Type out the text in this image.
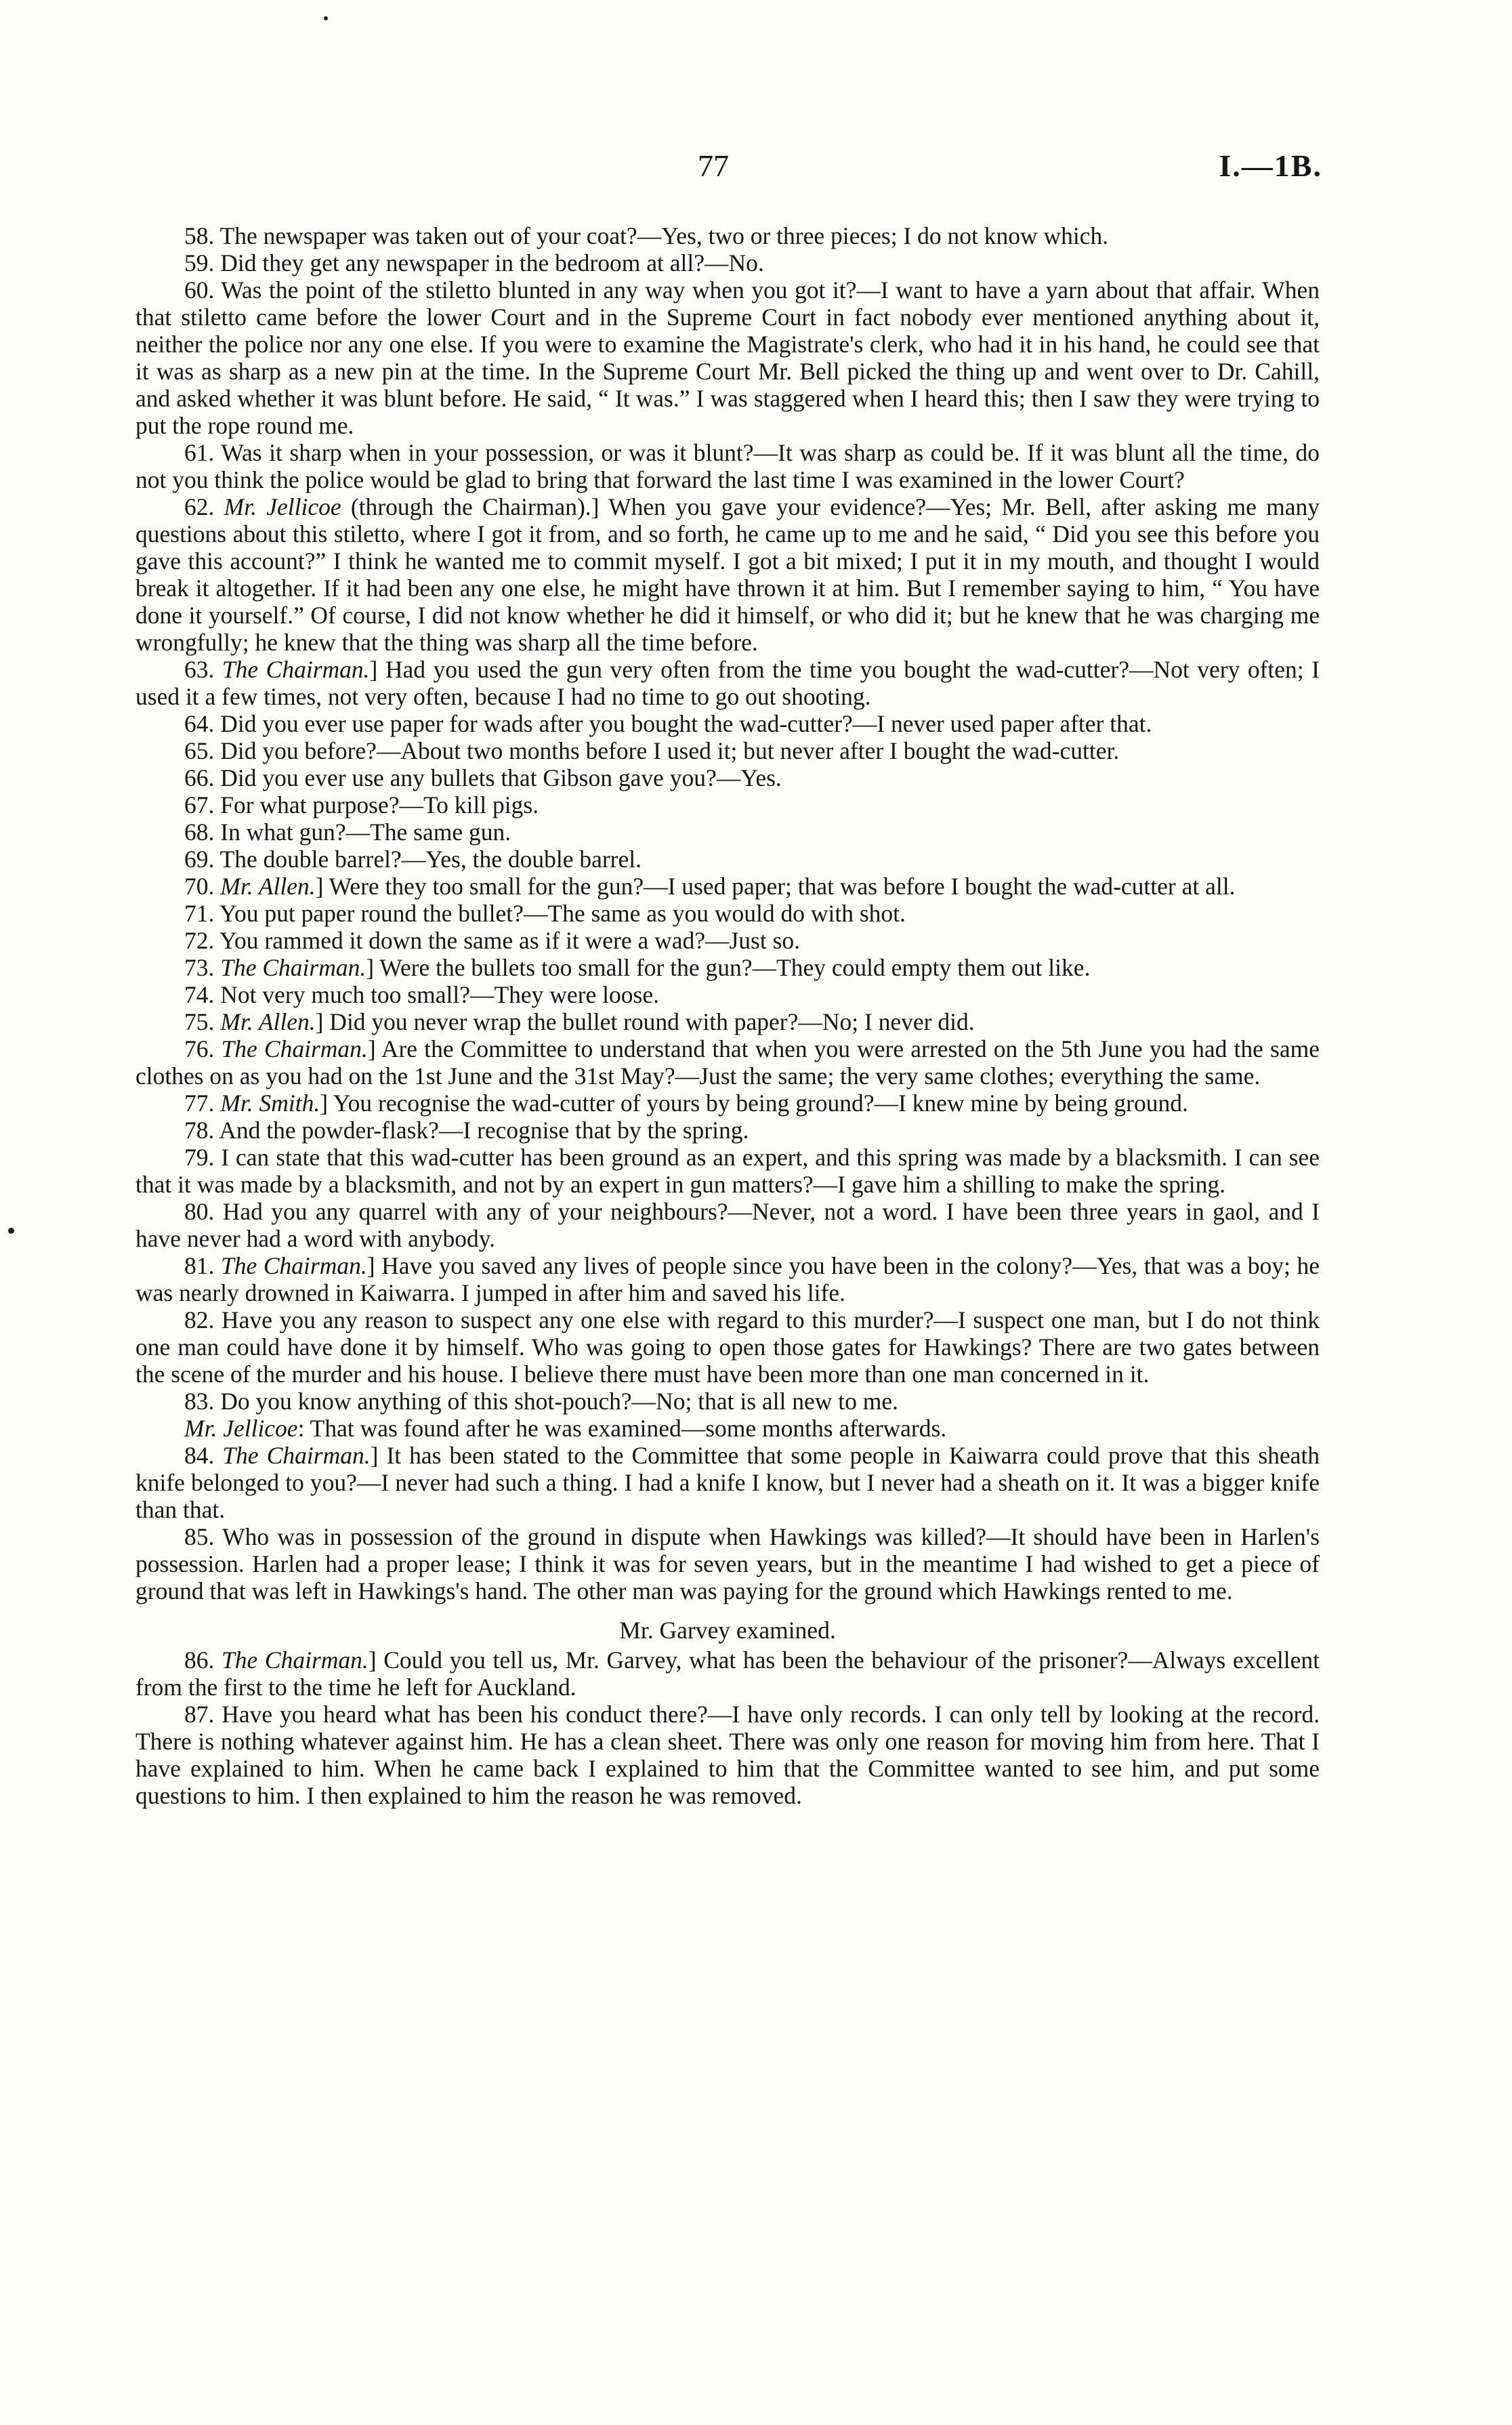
77	I.—1B.

58. The newspaper was taken out of your coat?—Yes, two or three pieces; I do not know which.

59. Did they get any newspaper in the bedroom at all?—No.

60. Was the point of the stiletto blunted in any way when you got it?—I want to have a yarn about that affair. When that stiletto came before the lower Court and in the Supreme Court in fact nobody ever mentioned anything about it, neither the police nor any one else. If you were to examine the Magistrate's clerk, who had it in his hand, he could see that it was as sharp as a new pin at the time. In the Supreme Court Mr. Bell picked the thing up and went over to Dr. Cahill, and asked whether it was blunt before. He said, “ It was.” I was staggered when I heard this; then I saw they were trying to put the rope round me.

61. Was it sharp when in your possession, or was it blunt?—It was sharp as could be. If it was blunt all the time, do not you think the police would be glad to bring that forward the last time I was examined in the lower Court?

62. Mr. Jellicoe (through the Chairman).] When you gave your evidence?—Yes; Mr. Bell, after asking me many questions about this stiletto, where I got it from, and so forth, he came up to me and he said, “ Did you see this before you gave this account?” I think he wanted me to commit myself. I got a bit mixed; I put it in my mouth, and thought I would break it altogether. If it had been any one else, he might have thrown it at him. But I remember saying to him, “ You have done it yourself.” Of course, I did not know whether he did it himself, or who did it; but he knew that he was charging me wrongfully; he knew that the thing was sharp all the time before.

63. The Chairman.] Had you used the gun very often from the time you bought the wad-cutter?—Not very often; I used it a few times, not very often, because I had no time to go out shooting.

64. Did you ever use paper for wads after you bought the wad-cutter?—I never used paper after that.

65. Did you before?—About two months before I used it; but never after I bought the wad-cutter.

66. Did you ever use any bullets that Gibson gave you?—Yes.

67. For what purpose?—To kill pigs.

68. In what gun?—The same gun.

69. The double barrel?—Yes, the double barrel.

70. Mr. Allen.] Were they too small for the gun?—I used paper; that was before I bought the wad-cutter at all.

71. You put paper round the bullet?—The same as you would do with shot.

72. You rammed it down the same as if it were a wad?—Just so.

73. The Chairman.] Were the bullets too small for the gun?—They could empty them out like.

74. Not very much too small?—They were loose.

75. Mr. Allen.] Did you never wrap the bullet round with paper?—No; I never did.

76. The Chairman.] Are the Committee to understand that when you were arrested on the 5th June you had the same clothes on as you had on the 1st June and the 31st May?—Just the same; the very same clothes; everything the same.

77. Mr. Smith.] You recognise the wad-cutter of yours by being ground?—I knew mine by being ground.

78. And the powder-flask?—I recognise that by the spring.

79. I can state that this wad-cutter has been ground as an expert, and this spring was made by a blacksmith. I can see that it was made by a blacksmith, and not by an expert in gun matters?—I gave him a shilling to make the spring.

80. Had you any quarrel with any of your neighbours?—Never, not a word. I have been three years in gaol, and I have never had a word with anybody.

81. The Chairman.] Have you saved any lives of people since you have been in the colony?—Yes, that was a boy; he was nearly drowned in Kaiwarra. I jumped in after him and saved his life.

82. Have you any reason to suspect any one else with regard to this murder?—I suspect one man, but I do not think one man could have done it by himself. Who was going to open those gates for Hawkings? There are two gates between the scene of the murder and his house. I believe there must have been more than one man concerned in it.

83. Do you know anything of this shot-pouch?—No; that is all new to me.

Mr. Jellicoe: That was found after he was examined—some months afterwards.

84. The Chairman.] It has been stated to the Committee that some people in Kaiwarra could prove that this sheath knife belonged to you?—I never had such a thing. I had a knife I know, but I never had a sheath on it. It was a bigger knife than that.

85. Who was in possession of the ground in dispute when Hawkings was killed?—It should have been in Harlen's possession. Harlen had a proper lease; I think it was for seven years, but in the meantime I had wished to get a piece of ground that was left in Hawkings's hand. The other man was paying for the ground which Hawkings rented to me.

Mr. Garvey examined.

86. The Chairman.] Could you tell us, Mr. Garvey, what has been the behaviour of the prisoner?—Always excellent from the first to the time he left for Auckland.

87. Have you heard what has been his conduct there?—I have only records. I can only tell by looking at the record. There is nothing whatever against him. He has a clean sheet. There was only one reason for moving him from here. That I have explained to him. When he came back I explained to him that the Committee wanted to see him, and put some questions to him. I then explained to him the reason he was removed.
